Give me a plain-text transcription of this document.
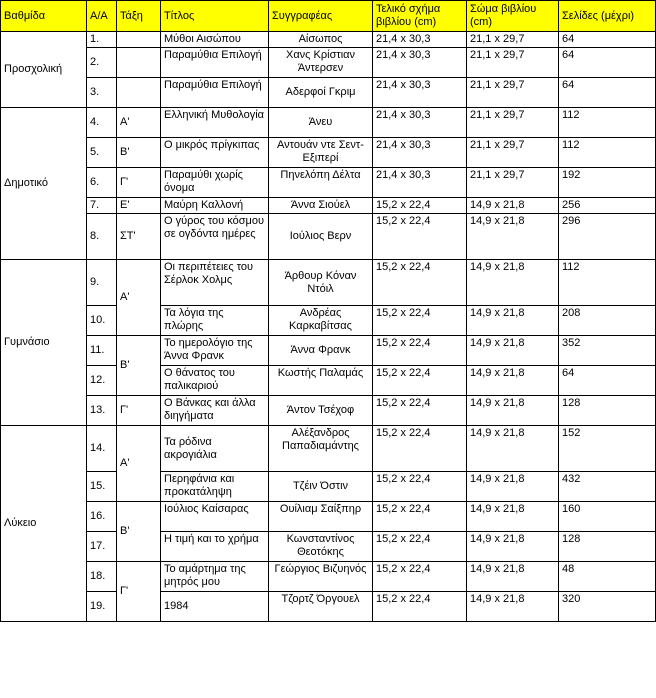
Βαθμίδα	Α/Α	Τάξη	Τίτλος	Συγγραφέας	Τελικό σχήμα βιβλίου (cm)	Σώμα βιβλίου (cm)	Σελίδες (μέχρι)
Προσχολική	1.		Μύθοι Αισώπου	Αίσωπος	21,4 x 30,3	21,1 x 29,7	64
	2.		Παραμύθια Επιλογή	Χανς Κρίστιαν Άντερσεν	21,4 x 30,3	21,1 x 29,7	64
	3.		Παραμύθια Επιλογή	Αδερφοί Γκριμ	21,4 x 30,3	21,1 x 29,7	64
Δημοτικό	4.	Α'	Ελληνική Μυθολογία	Άνευ	21,4 x 30,3	21,1 x 29,7	112
	5.	Β'	Ο μικρός πρίγκιπας	Αντουάν ντε Σεντ- Εξιπερί	21,4 x 30,3	21,1 x 29,7	112
	6.	Γ'	Παραμύθι χωρίς όνομα	Πηνελόπη Δέλτα	21,4 x 30,3	21,1 x 29,7	192
	7.	Ε'	Μαύρη Καλλονή	Άννα Σιούελ	15,2 x 22,4	14,9 x 21,8	256
	8.	ΣΤ'	Ο γύρος του κόσμου σε ογδόντα ημέρες	Ιούλιος Βερν	15,2 x 22,4	14,9 x 21,8	296
Γυμνάσιο	9.	Α'	Οι περιπέτειες του Σέρλοκ Χολμς	Άρθουρ Κόναν Ντόιλ	15,2 x 22,4	14,9 x 21,8	112
	10.		Τα λόγια της πλώρης	Ανδρέας Καρκαβίτσας	15,2 x 22,4	14,9 x 21,8	208
	11.	Β'	Το ημερολόγιο της Άννα Φρανκ	Άννα Φρανκ	15,2 x 22,4	14,9 x 21,8	352
	12.		Ο θάνατος του παλικαριού	Κωστής Παλαμάς	15,2 x 22,4	14,9 x 21,8	64
	13.	Γ'	Ο Βάνκας και άλλα διηγήματα	Άντον Τσέχοφ	15,2 x 22,4	14,9 x 21,8	128
Λύκειο	14.	Α'	Τα ρόδινα ακρογιάλια	Αλέξανδρος Παπαδιαμάντης	15,2 x 22,4	14,9 x 21,8	152
	15.		Περηφάνια και προκατάληψη	Τζέιν Όστιν	15,2 x 22,4	14,9 x 21,8	432
	16.	Β'	Ιούλιος Καίσαρας	Ουίλιαμ Σαίξπηρ	15,2 x 22,4	14,9 x 21,8	160
	17.		Η τιμή και το χρήμα	Κωνσταντίνος Θεοτόκης	15,2 x 22,4	14,9 x 21,8	128
	18.	Γ'	Το αμάρτημα της μητρός μου	Γεώργιος Βιζυηνός	15,2 x 22,4	14,9 x 21,8	48
	19.		1984	Τζορτζ Όργουελ	15,2 x 22,4	14,9 x 21,8	320
